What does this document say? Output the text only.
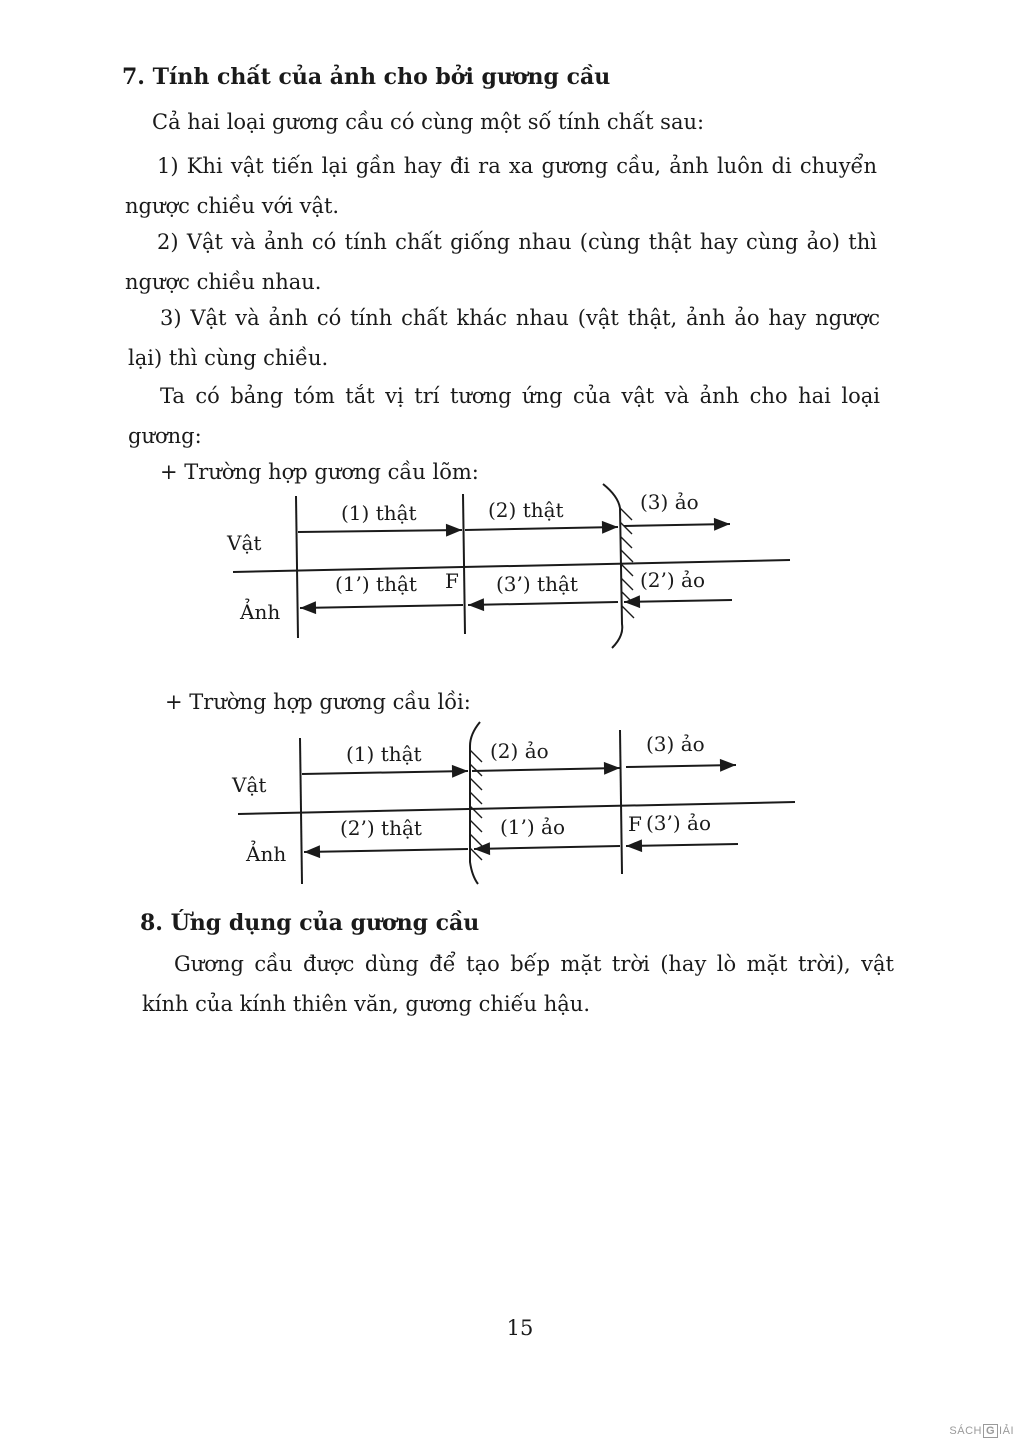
7. Tính chất của ảnh cho bởi gương cầu

Cả hai loại gương cầu có cùng một số tính chất sau:

1) Khi vật tiến lại gần hay đi ra xa gương cầu, ảnh luôn di chuyển ngược chiều với vật.

2) Vật và ảnh có tính chất giống nhau (cùng thật hay cùng ảo) thì ngược chiều nhau.

3) Vật và ảnh có tính chất khác nhau (vật thật, ảnh ảo hay ngược lại) thì cùng chiều.

Ta có bảng tóm tắt vị trí tương ứng của vật và ảnh cho hai loại gương:

+ Trường hợp gương cầu lõm:

Vật
Ảnh
F
(1) thật	(2) thật	(3) ảo
(1’) thật	(3’) thật	(2’) ảo

+ Trường hợp gương cầu lồi:

Vật
Ảnh
F
(1) thật	(2) ảo	(3) ảo
(2’) thật	(1’) ảo	(3’) ảo
8. Ứng dụng của gương cầu

Gương cầu được dùng để tạo bếp mặt trời (hay lò mặt trời), vật kính của kính thiên văn, gương chiếu hậu.

15
SÁCH G IẢI
